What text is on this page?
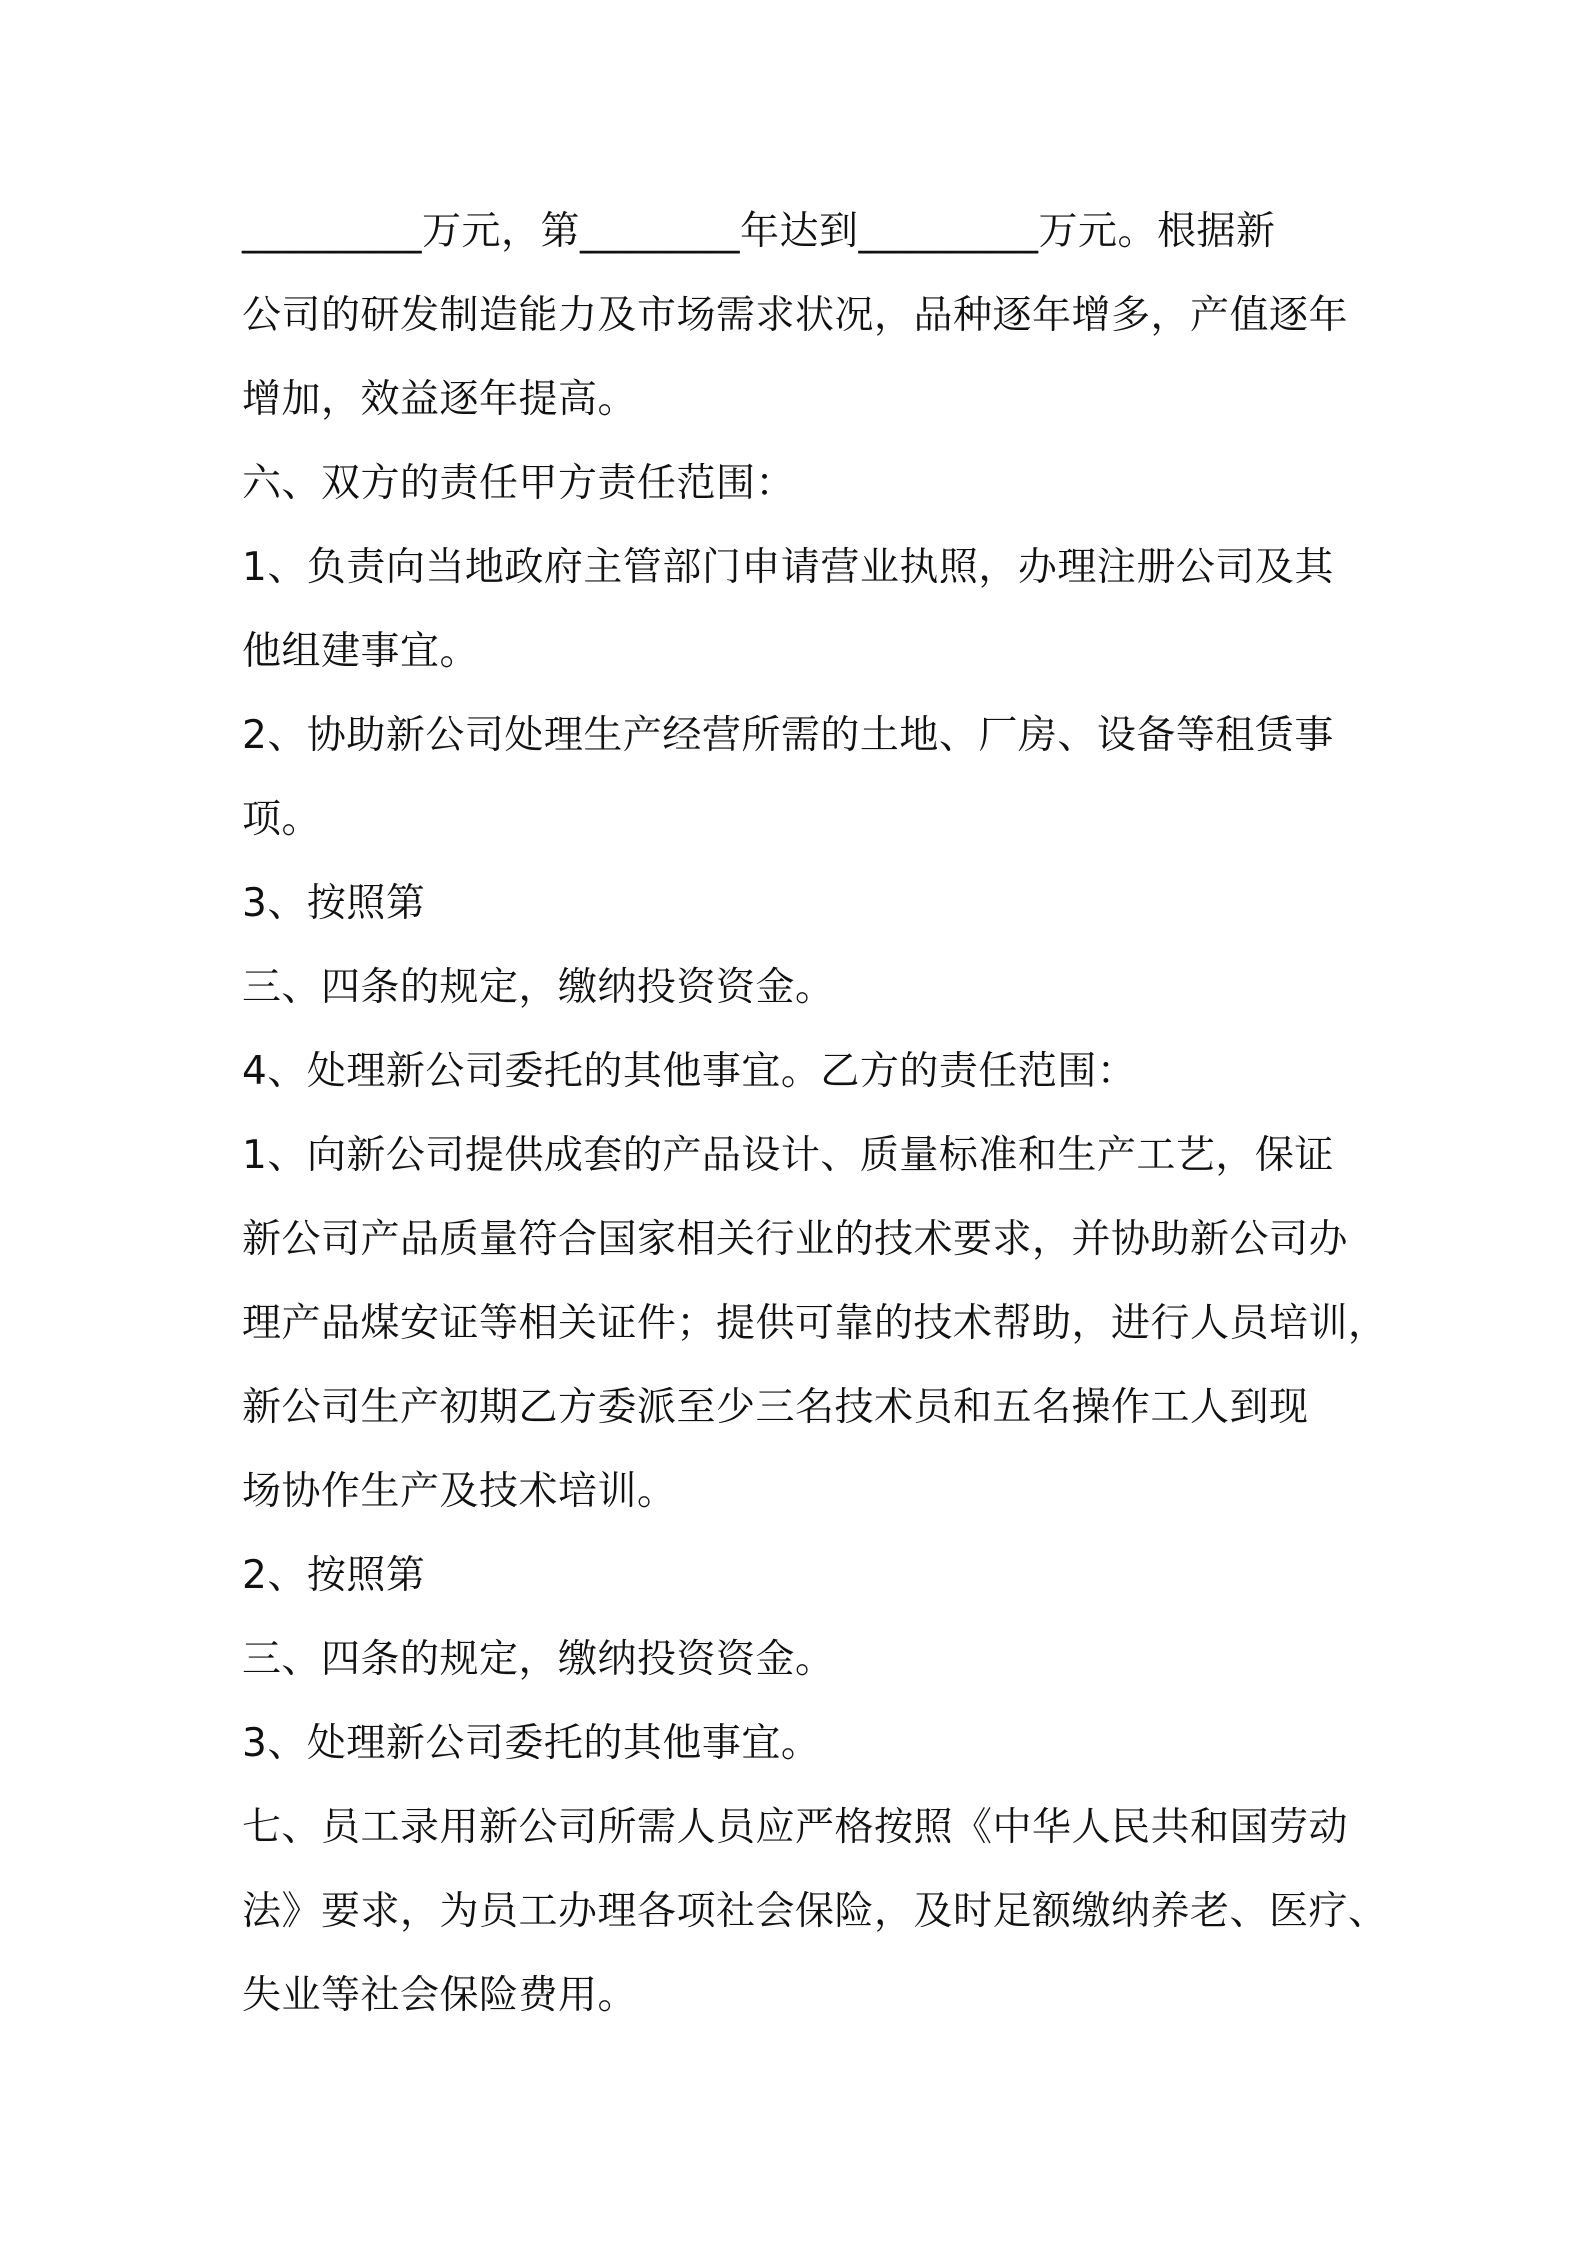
_________万元，第________年达到_________万元。根据新
公司的研发制造能力及市场需求状况，品种逐年增多，产值逐年
增加，效益逐年提高。
六、双方的责任甲方责任范围：
1、负责向当地政府主管部门申请营业执照，办理注册公司及其
他组建事宜。
2、协助新公司处理生产经营所需的土地、厂房、设备等租赁事
项。
3、按照第
三、四条的规定，缴纳投资资金。
4、处理新公司委托的其他事宜。乙方的责任范围：
1、向新公司提供成套的产品设计、质量标准和生产工艺，保证
新公司产品质量符合国家相关行业的技术要求，并协助新公司办
理产品煤安证等相关证件；提供可靠的技术帮助，进行人员培训，
新公司生产初期乙方委派至少三名技术员和五名操作工人到现
场协作生产及技术培训。
2、按照第
三、四条的规定，缴纳投资资金。
3、处理新公司委托的其他事宜。
七、员工录用新公司所需人员应严格按照《中华人民共和国劳动
法》要求，为员工办理各项社会保险，及时足额缴纳养老、医疗、
失业等社会保险费用。
